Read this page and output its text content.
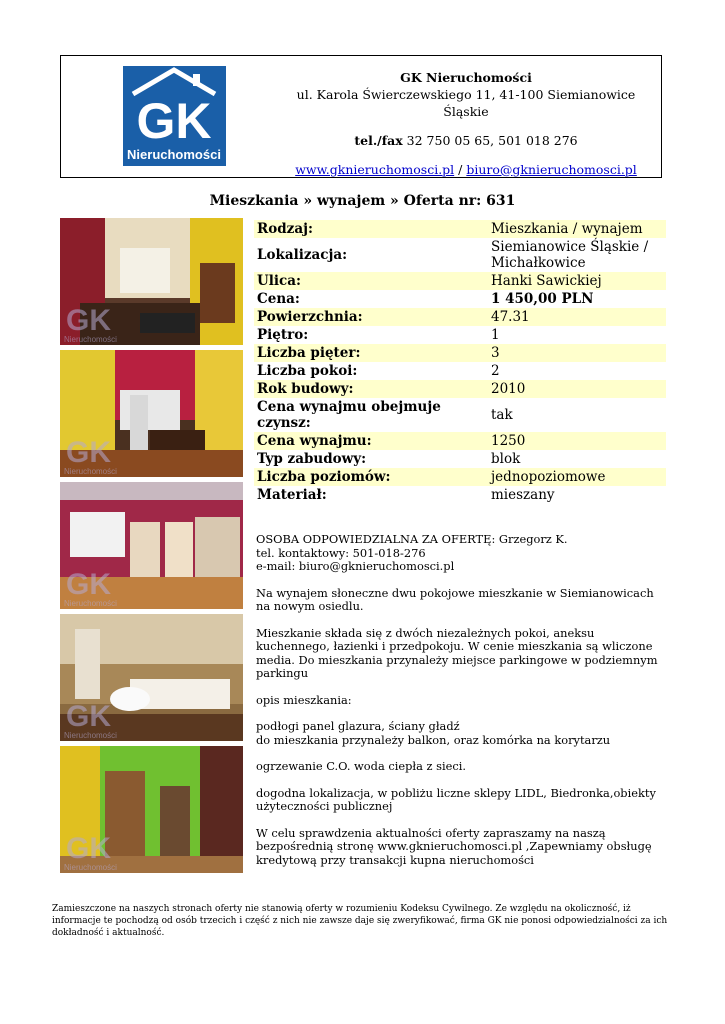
GK
Nieruchomości
GK Nieruchomości
ul. Karola Świerczewskiego 11, 41-100 Siemianowice Śląskie
tel./fax 32 750 05 65, 501 018 276
www.gknieruchomosci.pl / biuro@gknieruchomosci.pl
Mieszkania » wynajem » Oferta nr: 631
GK
Nieruchomości
GK
Nieruchomości
GK
Nieruchomości
GK
Nieruchomości
GK
Nieruchomości
Rodzaj:	Mieszkania / wynajem
Lokalizacja:	Siemianowice Śląskie / Michałkowice
Ulica:	Hanki Sawickiej
Cena:	1 450,00 PLN
Powierzchnia:	47.31
Piętro:	1
Liczba pięter:	3
Liczba pokoi:	2
Rok budowy:	2010
Cena wynajmu obejmuje czynsz:	tak
Cena wynajmu:	1250
Typ zabudowy:	blok
Liczba poziomów:	jednopoziomowe
Materiał:	mieszany

OSOBA ODPOWIEDZIALNA ZA OFERTĘ: Grzegorz K.
tel. kontaktowy: 501-018-276
e-mail: biuro@gknieruchomosci.pl

Na wynajem słoneczne dwu pokojowe mieszkanie w Siemianowicach na nowym osiedlu.

Mieszkanie składa się z dwóch niezależnych pokoi, aneksu kuchennego, łazienki i przedpokoju. W cenie mieszkania są wliczone media. Do mieszkania przynależy miejsce parkingowe w podziemnym parkingu

opis mieszkania:

podłogi panel glazura, ściany gładź
do mieszkania przynależy balkon, oraz komórka na korytarzu

ogrzewanie C.O. woda ciepła z sieci.

dogodna lokalizacja, w pobliżu liczne sklepy LIDL, Biedronka,obiekty użyteczności publicznej

W celu sprawdzenia aktualności oferty zapraszamy na naszą bezpośrednią stronę www.gknieruchomosci.pl ,Zapewniamy obsługę kredytową przy transakcji kupna nieruchomości

Zamieszczone na naszych stronach oferty nie stanowią oferty w rozumieniu Kodeksu Cywilnego. Ze względu na okoliczność, iż informacje te pochodzą od osób trzecich i część z nich nie zawsze daje się zweryfikować, firma GK nie ponosi odpowiedzialności za ich dokładność i aktualność.
